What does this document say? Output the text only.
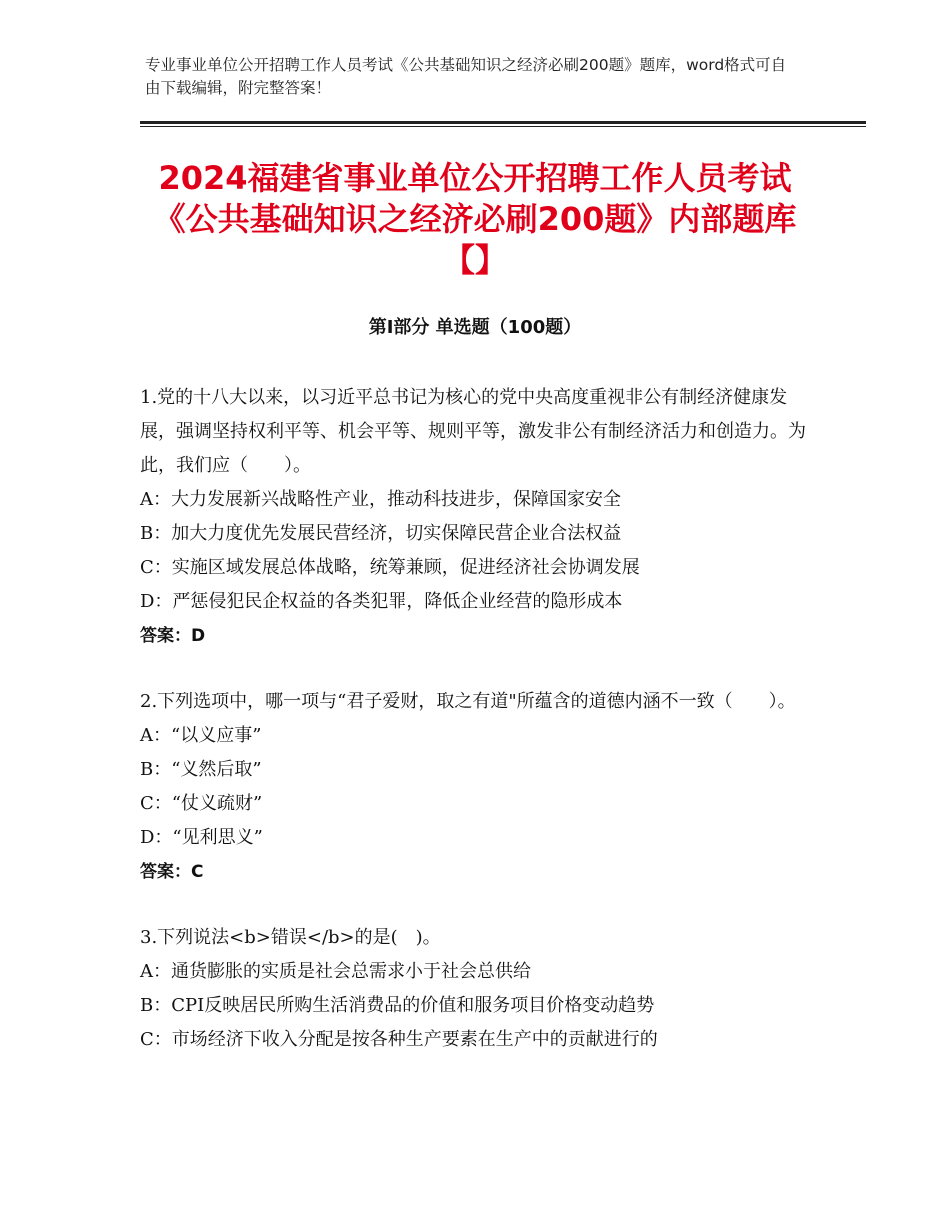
专业事业单位公开招聘工作人员考试《公共基础知识之经济必刷200题》题库，word格式可自由下载编辑，附完整答案！
2024福建省事业单位公开招聘工作人员考试《公共基础知识之经济必刷200题》内部题库【】
第I部分 单选题（100题）
1.党的十八大以来，以习近平总书记为核心的党中央高度重视非公有制经济健康发展，强调坚持权利平等、机会平等、规则平等，激发非公有制经济活力和创造力。为此，我们应（　　）。
A：大力发展新兴战略性产业，推动科技进步，保障国家安全
B：加大力度优先发展民营经济，切实保障民营企业合法权益
C：实施区域发展总体战略，统筹兼顾，促进经济社会协调发展
D：严惩侵犯民企权益的各类犯罪，降低企业经营的隐形成本
答案：D
2.下列选项中，哪一项与“君子爱财，取之有道"所蕴含的道德内涵不一致（　　）。
A：“以义应事”
B：“义然后取”
C：“仗义疏财”
D：“见利思义”
答案：C
3.下列说法<b>错误</b>的是(　)。
A：通货膨胀的实质是社会总需求小于社会总供给
B：CPI反映居民所购生活消费品的价值和服务项目价格变动趋势
C：市场经济下收入分配是按各种生产要素在生产中的贡献进行的
